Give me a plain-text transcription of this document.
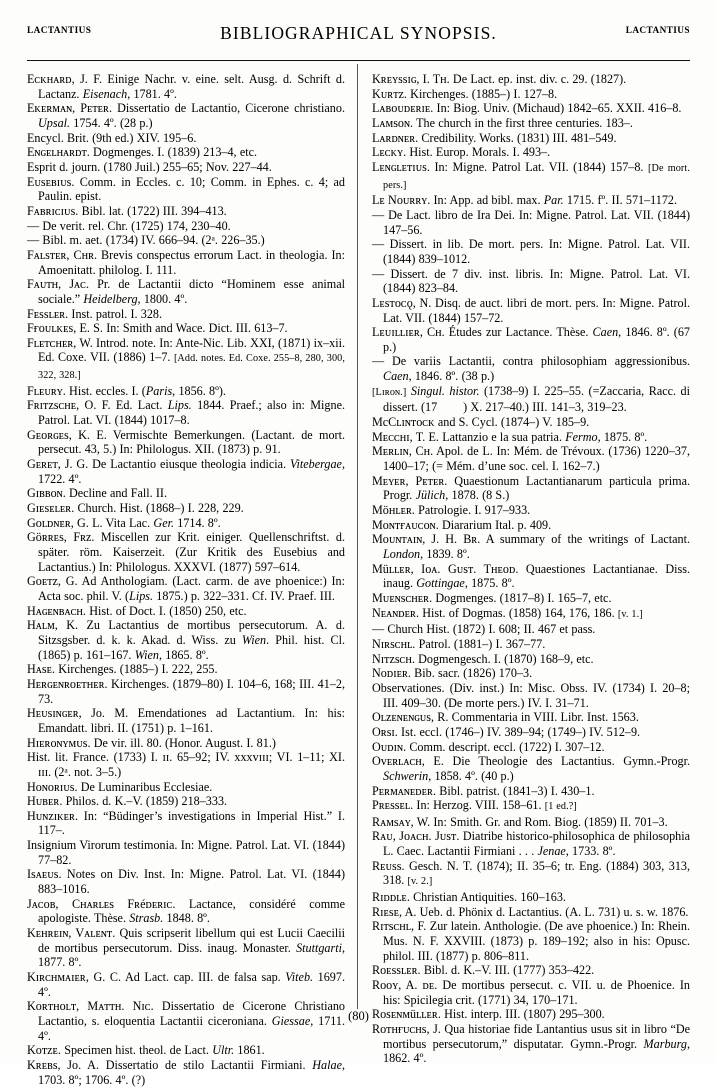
LACTANTIUS	BIBLIOGRAPHICAL SYNOPSIS.	LACTANTIUS

Eᴄᴋʜᴀʀᴅ, J. F. Einige Nachr. v. eine. selt. Ausg. d. Schrift d. Lactanz. Eisenach, 1781. 4º.

Eᴋᴇʀᴍᴀɴ, Pᴇᴛᴇʀ. Dissertatio de Lactantio, Cicerone christiano. Upsal. 1754. 4º. (28 p.)

Encycl. Brit. (9th ed.) XIV. 195–6.

Eɴɢᴇʟʜᴀʀᴅᴛ. Dogmenges. I. (1839) 213–4, etc.

Esprit d. journ. (1780 Juil.) 255–65; Nov. 227–44.

Eᴜsᴇʙɪᴜs. Comm. in Eccles. c. 10; Comm. in Ephes. c. 4; ad Paulin. epist.

Fᴀʙʀɪᴄɪᴜs. Bibl. lat. (1722) III. 394–413.

— De verit. rel. Chr. (1725) 174, 230–40.

— Bibl. m. aet. (1734) IV. 666–94. (2ᵃ. 226–35.)

Fᴀʟsᴛᴇʀ, Cʜʀ. Brevis conspectus errorum Lact. in theologia. In: Amoenitatt. philolog. I. 111.

Fᴀᴜᴛʜ, Jᴀᴄ. Pr. de Lactantii dicto “Hominem esse animal sociale.” Heidelberg, 1800. 4º.

Fᴇssʟᴇʀ. Inst. patrol. I. 328.

Fғᴏᴜʟᴋᴇs, E. S. In: Smith and Wace. Dict. III. 613–7.

Fʟᴇᴛᴄʜᴇʀ, W. Introd. note. In: Ante-Nic. Lib. XXI, (1871) ix–xii. Ed. Coxe. VII. (1886) 1–7. [Add. notes. Ed. Coxe. 255–8, 280, 300, 322, 328.]

Fʟᴇᴜʀʏ. Hist. eccles. I. (Paris, 1856. 8º).

Fʀɪᴛᴢsᴄʜᴇ, O. F. Ed. Lact. Lips. 1844. Praef.; also in: Migne. Patrol. Lat. VI. (1844) 1017–8.

Gᴇᴏʀɢᴇs, K. E. Vermischte Bemerkungen. (Lactant. de mort. persecut. 43, 5.) In: Philologus. XII. (1873) p. 91.

Gᴇʀᴇᴛ, J. G. De Lactantio eiusque theologia indicia. Vitebergae, 1722. 4º.

Gɪʙʙᴏɴ. Decline and Fall. II.

Gɪᴇsᴇʟᴇʀ. Church. Hist. (1868–) I. 228, 229.

Gᴏʟᴅɴᴇʀ, G. L. Vita Lac. Ger. 1714. 8º.

Göʀʀᴇs, Fʀᴢ. Miscellen zur Krit. einiger. Quellenschriftst. d. später. röm. Kaiserzeit. (Zur Kritik des Eusebius and Lactantius.) In: Philologus. XXXVI. (1877) 597–614.

Gᴏᴇᴛᴢ, G. Ad Anthologiam. (Lact. carm. de ave phoenice:) In: Acta soc. phil. V. (Lips. 1875.) p. 322–331. Cf. IV. Praef. III.

Hᴀɢᴇɴʙᴀᴄʜ. Hist. of Doct. I. (1850) 250, etc.

Hᴀʟᴍ, K. Zu Lactantius de mortibus persecutorum. A. d. Sitzsgsber. d. k. k. Akad. d. Wiss. zu Wien. Phil. hist. Cl. (1865) p. 161–167. Wien, 1865. 8º.

Hᴀsᴇ. Kirchenges. (1885–) I. 222, 255.

Hᴇʀɢᴇɴʀᴏᴇᴛʜᴇʀ. Kirchenges. (1879–80) I. 104–6, 168; III. 41–2, 73.

Hᴇᴜsɪɴɢᴇʀ, Jᴏ. M. Emendationes ad Lactantium. In: his: Emandatt. libri. II. (1751) p. 1–161.

Hɪᴇʀᴏɴʏᴍᴜs. De vir. ill. 80. (Honor. August. I. 81.)

Hist. lit. France. (1733) I. ɪɪ. 65–92; IV. xxxvɪɪɪ; VI. 1–11; XI. ɪɪɪ. (2ᵃ. not. 3–5.)

Hᴏɴᴏʀɪᴜs. De Luminaribus Ecclesiae.

Hᴜʙᴇʀ. Philos. d. K.–V. (1859) 218–333.

Hᴜɴᴢɪᴋᴇʀ. In: “Büdinger’s investigations in Imperial Hist.” I. 117–.

Insignium Virorum testimonia. In: Migne. Patrol. Lat. VI. (1844) 77–82.

Isᴀᴇᴜs. Notes on Div. Inst. In: Migne. Patrol. Lat. VI. (1844) 883–1016.

Jᴀᴄᴏʙ, Cʜᴀʀʟᴇs Fʀéᴅᴇʀɪᴄ. Lactance, considéré comme apologiste. Thèse. Strasb. 1848. 8º.

Kᴇʜʀᴇɪɴ, Vᴀʟᴇɴᴛ. Quis scripserit libellum qui est Lucii Caecilii de mortibus persecutorum. Diss. inaug. Monaster. Stuttgarti, 1877. 8º.

Kɪʀᴄʜᴍᴀɪᴇʀ, G. C. Ad Lact. cap. III. de falsa sap. Viteb. 1697. 4º.

Kᴏʀᴛʜᴏʟᴛ, Mᴀᴛᴛʜ. Nɪᴄ. Dissertatio de Cicerone Christiano Lactantio, s. eloquentia Lactantii ciceroniana. Giessae, 1711. 4º.

Kᴏᴛᴢᴇ. Specimen hist. theol. de Lact. Ultr. 1861.

Kʀᴇʙs, Jᴏ. A. Dissertatio de stilo Lactantii Firmiani. Halae, 1703. 8º; 1706. 4º. (?)

Kʀᴇʏssɪɢ, I. Tʜ. De Lact. ep. inst. div. c. 29. (1827).

Kᴜʀᴛᴢ. Kirchenges. (1885–) I. 127–8.

Lᴀʙᴏᴜᴅᴇʀɪᴇ. In: Biog. Univ. (Michaud) 1842–65. XXII. 416–8.

Lᴀᴍsᴏɴ. The church in the first three centuries. 183–.

Lᴀʀᴅɴᴇʀ. Credibility. Works. (1831) III. 481–549.

Lᴇᴄᴋʏ. Hist. Europ. Morals. I. 493–.

Lᴇɴɢʟᴇᴛɪᴜs. In: Migne. Patrol Lat. VII. (1844) 157–8. [De mort. pers.]

Lᴇ Nᴏᴜʀʀʏ. In: App. ad bibl. max. Par. 1715. fº. II. 571–1172.

— De Lact. libro de Ira Dei. In: Migne. Patrol. Lat. VII. (1844) 147–56.

— Dissert. in lib. De mort. pers. In: Migne. Patrol. Lat. VII. (1844) 839–1012.

— Dissert. de 7 div. inst. libris. In: Migne. Patrol. Lat. VI. (1844) 823–84.

Lᴇsᴛᴏᴄǫ, N. Disq. de auct. libri de mort. pers. In: Migne. Patrol. Lat. VII. (1844) 157–72.

Lᴇᴜɪʟʟɪᴇʀ, Cʜ. Études zur Lactance. Thèse. Caen, 1846. 8º. (67 p.)

— De variis Lactantii, contra philosophiam aggressionibus. Caen, 1846. 8º. (38 p.)

[Lɪʀᴏɴ.] Singul. histor. (1738–9) I. 225–55. (=Zaccaria, Racc. di dissert. (17 ) X. 217–40.) III. 141–3, 319–23.

McCʟɪɴᴛᴏᴄᴋ and S. Cycl. (1874–) V. 185–9.

Mᴇᴄᴄʜɪ, T. E. Lattanzio e la sua patria. Fermo, 1875. 8º.

Mᴇʀʟɪɴ, Cʜ. Apol. de L. In: Mém. de Trévoux. (1736) 1220–37, 1400–17; (= Mém. d’une soc. cel. I. 162–7.)

Mᴇʏᴇʀ, Pᴇᴛᴇʀ. Quaestionum Lactantianarum particula prima. Progr. Jülich, 1878. (8 S.)

Möʜʟᴇʀ. Patrologie. I. 917–933.

Mᴏɴᴛғᴀᴜᴄᴏɴ. Diararium Ital. p. 409.

Mᴏᴜɴᴛᴀɪɴ, J. H. Bʀ. A summary of the writings of Lactant. London, 1839. 8º.

Müʟʟᴇʀ, Iᴏᴀ. Gᴜsᴛ. Tʜᴇᴏᴅ. Quaestiones Lactantianae. Diss. inaug. Gottingae, 1875. 8º.

Mᴜᴇɴsᴄʜᴇʀ. Dogmenges. (1817–8) I. 165–7, etc.

Nᴇᴀɴᴅᴇʀ. Hist. of Dogmas. (1858) 164, 176, 186. [v. 1.]

— Church Hist. (1872) I. 608; II. 467 et pass.

Nɪʀsᴄʜʟ. Patrol. (1881–) I. 367–77.

Nɪᴛᴢsᴄʜ. Dogmengesch. I. (1870) 168–9, etc.

Nᴏᴅɪᴇʀ. Bib. sacr. (1826) 170–3.

Observationes. (Div. inst.) In: Misc. Obss. IV. (1734) I. 20–8; III. 409–30. (De morte pers.) IV. I. 31–71.

Oʟᴢᴇɴᴇɴɢᴜs, R. Commentaria in VIII. Libr. Inst. 1563.

Oʀsɪ. Ist. eccl. (1746–) IV. 389–94; (1749–) IV. 512–9.

Oᴜᴅɪɴ. Comm. descript. eccl. (1722) I. 307–12.

Oᴠᴇʀʟᴀᴄʜ, E. Die Theologie des Lactantius. Gymn.-Progr. Schwerin, 1858. 4º. (40 p.)

Pᴇʀᴍᴀɴᴇᴅᴇʀ. Bibl. patrist. (1841–3) I. 430–1.

Pʀᴇssᴇʟ. In: Herzog. VIII. 158–61. [1 ed.?]

Rᴀᴍsᴀʏ, W. In: Smith. Gr. and Rom. Biog. (1859) II. 701–3.

Rᴀᴜ, Jᴏᴀᴄʜ. Jᴜsᴛ. Diatribe historico-philosophica de philosophia L. Caec. Lactantii Firmiani . . . Jenae, 1733. 8º.

Rᴇᴜss. Gesch. N. T. (1874); II. 35–6; tr. Eng. (1884) 303, 313, 318. [v. 2.]

Rɪᴅᴅʟᴇ. Christian Antiquities. 160–163.

Rɪᴇsᴇ, A. Ueb. d. Phönix d. Lactantius. (A. L. 731) u. s. w. 1876.

Rɪᴛsᴄʜʟ, F. Zur latein. Anthologie. (De ave phoenice.) In: Rhein. Mus. N. F. XXVIII. (1873) p. 189–192; also in his: Opusc. philol. III. (1877) p. 806–811.

Rᴏᴇssʟᴇʀ. Bibl. d. K.–V. III. (1777) 353–422.

Rᴏᴏʏ, A. ᴅᴇ. De mortibus persecut. c. VII. u. de Phoenice. In his: Spicilegia crit. (1771) 34, 170–171.

Rᴏsᴇɴᴍüʟʟᴇʀ. Hist. interp. III. (1807) 295–300.

Rᴏᴛʜғᴜᴄʜs, J. Qua historiae fide Lantantius usus sit in libro “De mortibus persecutorum,” disputatar. Gymn.-Progr. Marburg, 1862. 4º.

(80)
